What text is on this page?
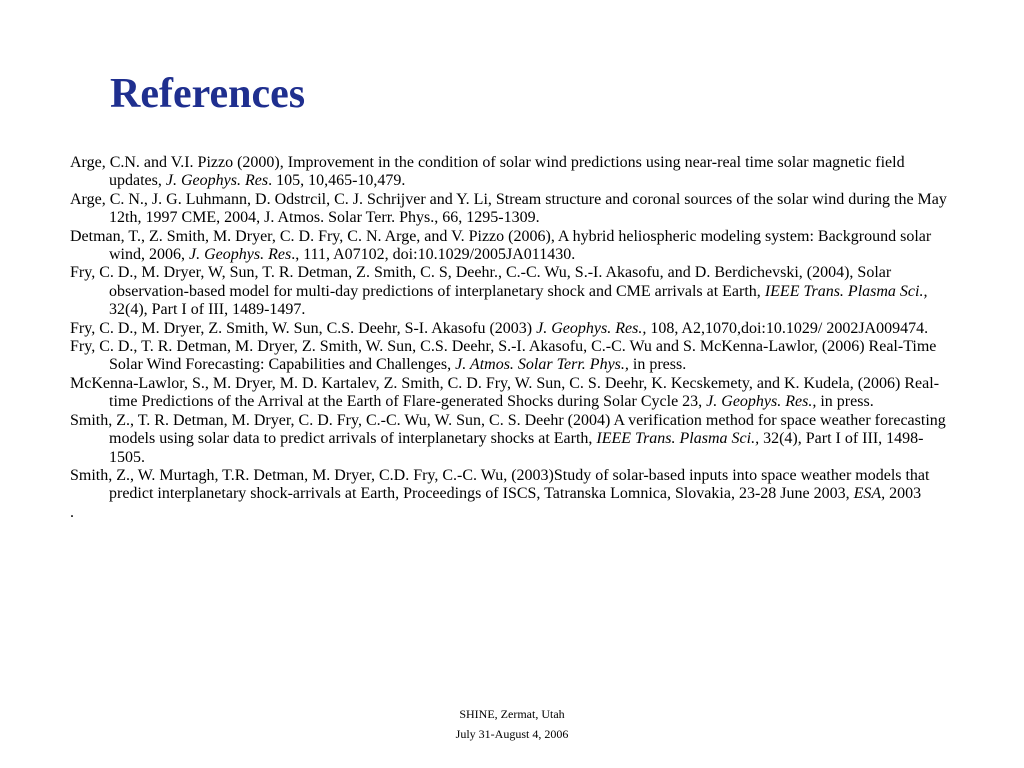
References
Arge, C.N. and V.I. Pizzo (2000), Improvement in the condition of solar wind predictions using near-real time solar magnetic field updates, J. Geophys. Res. 105, 10,465-10,479.
Arge, C. N., J. G. Luhmann, D. Odstrcil, C. J. Schrijver and Y. Li, Stream structure and coronal sources of the solar wind during the May 12th, 1997 CME, 2004, J. Atmos. Solar Terr. Phys., 66, 1295-1309.
Detman, T., Z. Smith, M. Dryer, C. D. Fry, C. N. Arge, and V. Pizzo (2006), A hybrid heliospheric modeling system: Background solar wind, 2006, J. Geophys. Res., 111, A07102, doi:10.1029/2005JA011430.
Fry, C. D., M. Dryer, W, Sun, T. R. Detman, Z. Smith, C. S, Deehr., C.-C. Wu, S.-I. Akasofu, and D. Berdichevski, (2004), Solar observation-based model for multi-day predictions of interplanetary shock and CME arrivals at Earth, IEEE Trans. Plasma Sci., 32(4), Part I of III, 1489-1497.
Fry, C. D., M. Dryer, Z. Smith, W. Sun, C.S. Deehr, S-I. Akasofu (2003) J. Geophys. Res., 108, A2,1070,doi:10.1029/ 2002JA009474.
Fry, C. D., T. R. Detman, M. Dryer, Z. Smith, W. Sun, C.S. Deehr, S.-I. Akasofu, C.-C. Wu and S. McKenna-Lawlor, (2006) Real-Time Solar Wind Forecasting: Capabilities and Challenges, J. Atmos. Solar Terr. Phys., in press.
McKenna-Lawlor, S., M. Dryer, M. D. Kartalev, Z. Smith, C. D. Fry, W. Sun, C. S. Deehr, K. Kecskemety, and K. Kudela, (2006) Real-time Predictions of the Arrival at the Earth of Flare-generated Shocks during Solar Cycle 23, J. Geophys. Res., in press.
Smith, Z., T. R. Detman, M. Dryer, C. D. Fry, C.-C. Wu, W. Sun, C. S. Deehr (2004) A verification method for space weather forecasting models using solar data to predict arrivals of interplanetary shocks at Earth, IEEE Trans. Plasma Sci., 32(4), Part I of III, 1498-1505.
Smith, Z., W. Murtagh, T.R. Detman, M. Dryer, C.D. Fry, C.-C. Wu, (2003)Study of solar-based inputs into space weather models that predict interplanetary shock-arrivals at Earth, Proceedings of ISCS, Tatranska Lomnica, Slovakia, 23-28 June 2003, ESA, 2003
.
SHINE, Zermat, Utah
July 31-August 4, 2006
